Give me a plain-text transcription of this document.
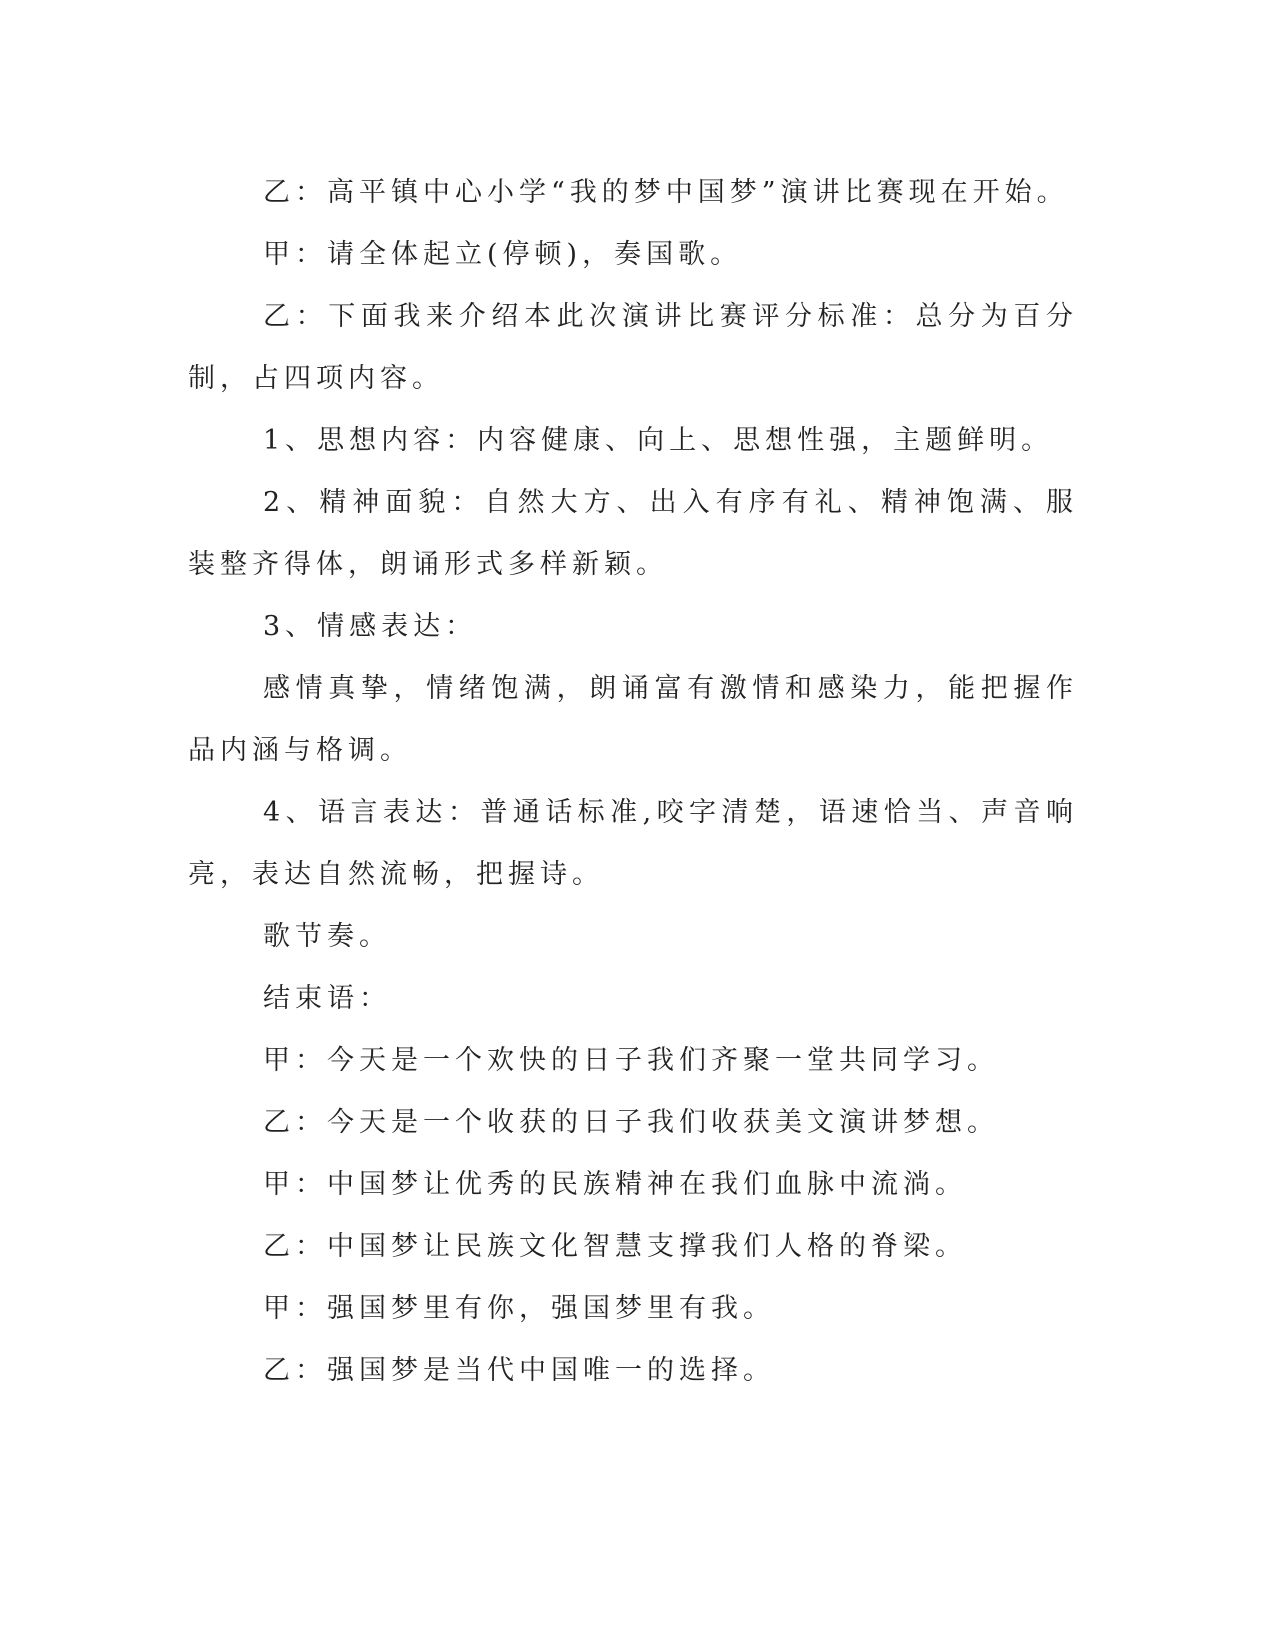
乙：高平镇中心小学“我的梦中国梦”演讲比赛现在开始。

甲：请全体起立(停顿)，奏国歌。

乙：下面我来介绍本此次演讲比赛评分标准：总分为百分制，占四项内容。

1、思想内容：内容健康、向上、思想性强，主题鲜明。

2、精神面貌：自然大方、出入有序有礼、精神饱满、服装整齐得体，朗诵形式多样新颖。

3、情感表达：

感情真挚，情绪饱满，朗诵富有激情和感染力，能把握作品内涵与格调。

4、语言表达：普通话标准,咬字清楚，语速恰当、声音响亮，表达自然流畅，把握诗。

歌节奏。

结束语：

甲：今天是一个欢快的日子我们齐聚一堂共同学习。

乙：今天是一个收获的日子我们收获美文演讲梦想。

甲：中国梦让优秀的民族精神在我们血脉中流淌。

乙：中国梦让民族文化智慧支撑我们人格的脊梁。

甲：强国梦里有你，强国梦里有我。

乙：强国梦是当代中国唯一的选择。
